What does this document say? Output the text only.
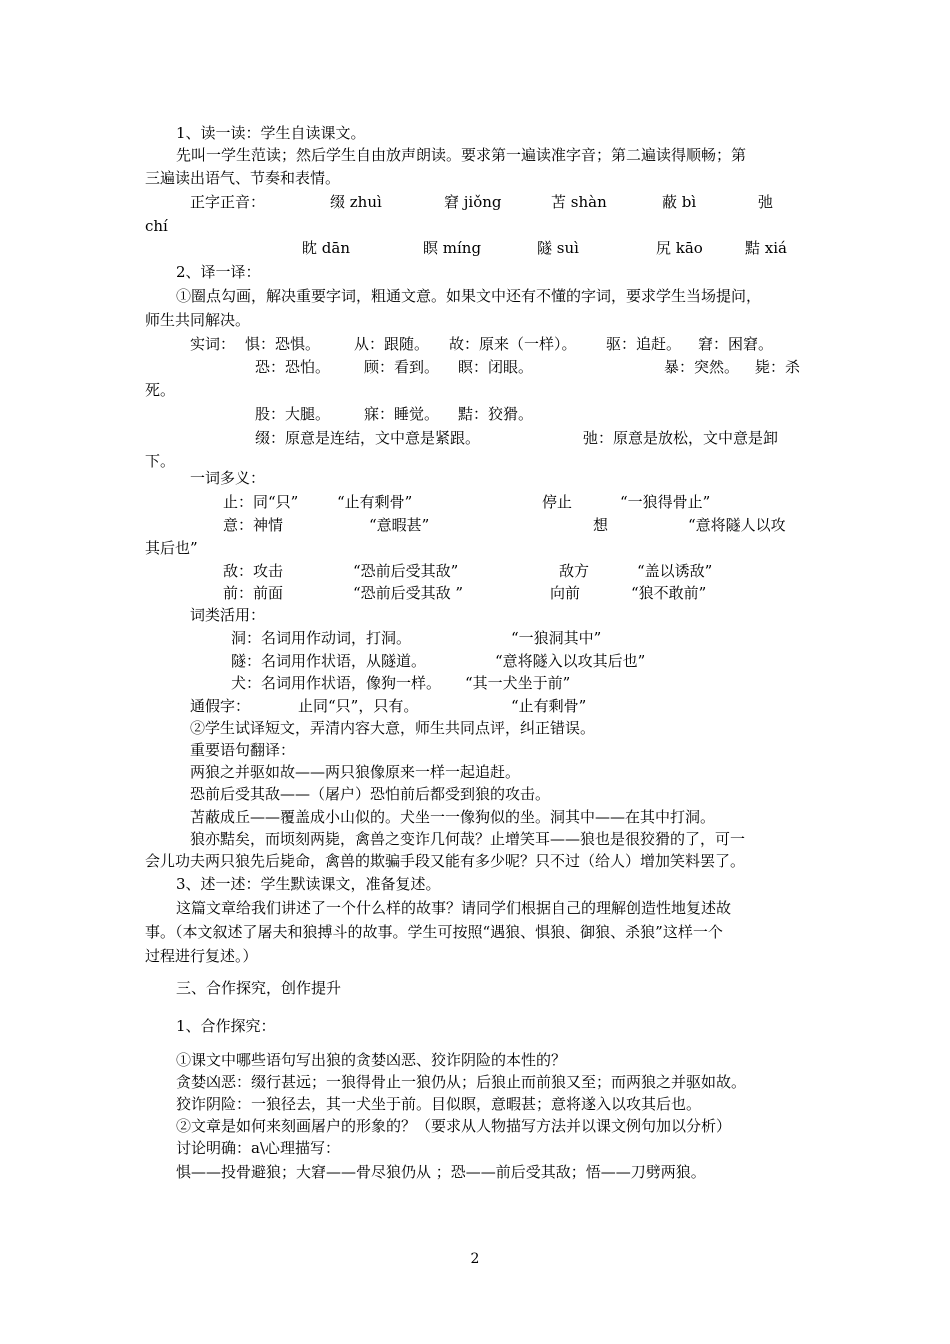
1、读一读：学生自读课文。
先叫一学生范读；然后学生自由放声朗读。要求第一遍读准字音；第二遍读得顺畅；第
三遍读出语气、节奏和表情。
正字正音：	缀 zhuì	窘 jiǒng	苫 shàn	蔽 bì	弛
chí
眈 dān	瞑 míng	隧 suì	尻 kāo	黠 xiá
2、译一译：
①圈点勾画，解决重要字词，粗通文意。如果文中还有不懂的字词，要求学生当场提问，
师生共同解决。
实词： 惧：恐惧。 从：跟随。 故：原来（一样）。 驱：追赶。 窘：困窘。
恐：恐怕。 顾：看到。 瞑：闭眼。	暴：突然。 毙：杀
死。
股：大腿。 寐：睡觉。 黠：狡猾。
缀：原意是连结，文中意是紧跟。	弛：原意是放松，文中意是卸
下。
一词多义：
止：同“只”	“止有剩骨”	停止	“一狼得骨止”
意：神情	“意暇甚”	想	“意将隧人以攻
其后也”
敌：攻击	“恐前后受其敌”	敌方	“盖以诱敌”
前：前面	“恐前后受其敌 ”	向前	“狼不敢前”
词类活用：
洞：名词用作动词，打洞。	“一狼洞其中”
隧：名词用作状语，从隧道。	“意将隧入以攻其后也”
犬：名词用作状语，像狗一样。 “其一犬坐于前”
通假字：	止同“只”，只有。	“止有剩骨”
②学生试译短文，弄清内容大意，师生共同点评，纠正错误。
重要语句翻译：
两狼之并驱如故——两只狼像原来一样一起追赶。
恐前后受其敌——（屠户）恐怕前后都受到狼的攻击。
苫蔽成丘——覆盖成小山似的。犬坐一一像狗似的坐。洞其中——在其中打洞。
狼亦黠矣，而顷刻两毙，禽兽之变诈几何哉？止增笑耳——狼也是很狡猾的了，可一
会儿功夫两只狼先后毙命，禽兽的欺骗手段又能有多少呢？只不过（给人）增加笑料罢了。
3、述一述：学生默读课文，准备复述。
这篇文章给我们讲述了一个什么样的故事？请同学们根据自己的理解创造性地复述故
事。（本文叙述了屠夫和狼搏斗的故事。学生可按照“遇狼、惧狼、御狼、杀狼”这样一个
过程进行复述。）
三、合作探究，创作提升
1、合作探究：
①课文中哪些语句写出狼的贪婪凶恶、狡诈阴险的本性的？
贪婪凶恶：缀行甚远；一狼得骨止一狼仍从；后狼止而前狼又至；而两狼之并驱如故。
狡诈阴险：一狼径去，其一犬坐于前。目似瞑，意暇甚；意将遂入以攻其后也。
②文章是如何来刻画屠户的形象的？（要求从人物描写方法并以课文例句加以分析）
讨论明确：a\心理描写：
惧——投骨避狼；大窘——骨尽狼仍从 ；恐——前后受其敌；悟——刀劈两狼。
2
